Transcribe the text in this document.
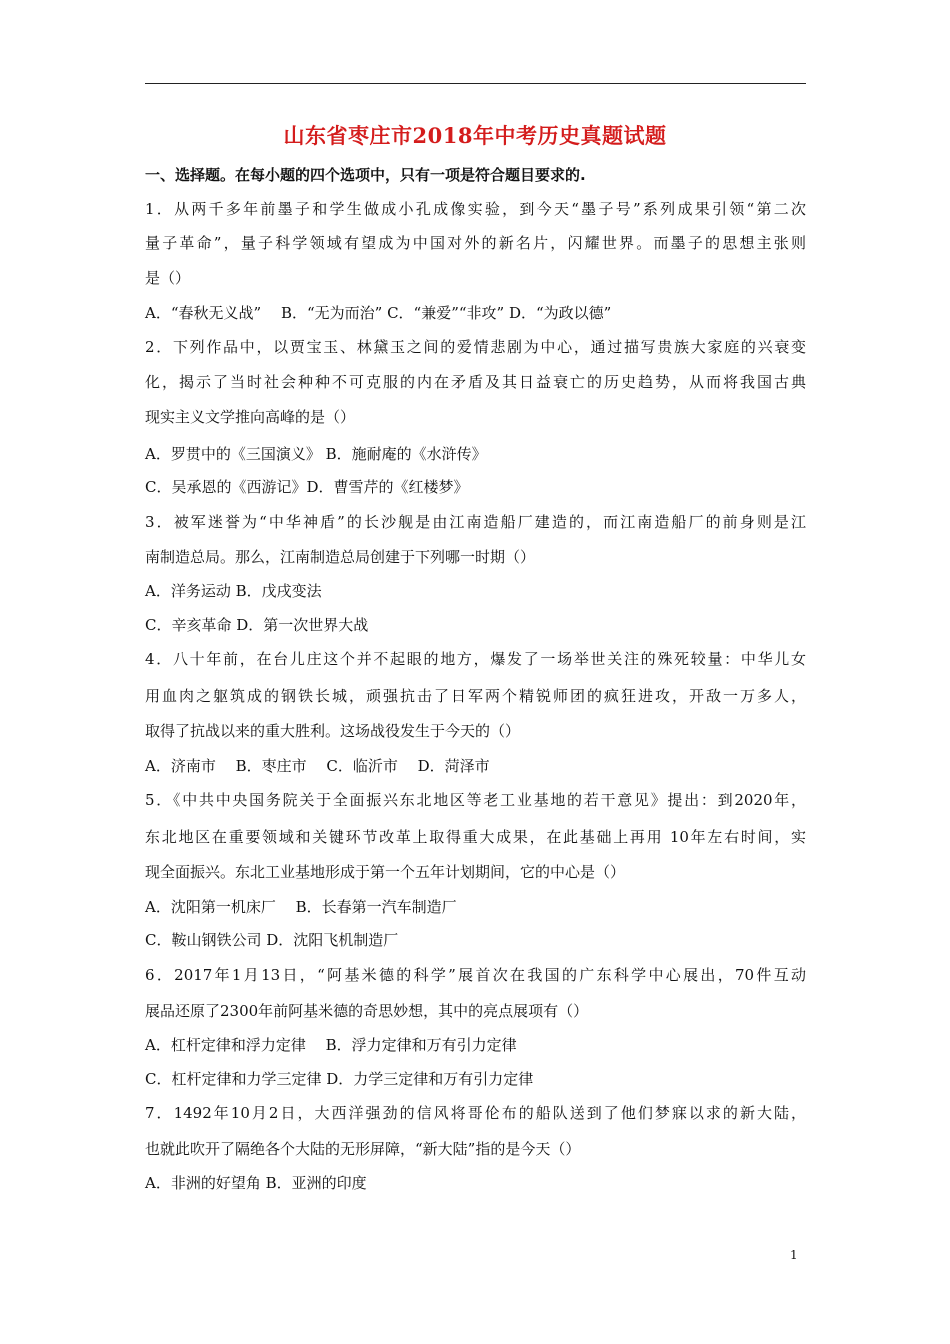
山东省枣庄市2018年中考历史真题试题
一、选择题。在每小题的四个选项中，只有一项是符合题目要求的.
1．从两千多年前墨子和学生做成小孔成像实验，到今天“墨子号”系列成果引领“第二次
量子革命”，量子科学领域有望成为中国对外的新名片，闪耀世界。而墨子的思想主张则
是（）
A．“春秋无义战”　 B．“无为而治” C．“兼爱”“非攻” D．“为政以德”
2．下列作品中，以贾宝玉、林黛玉之间的爱情悲剧为中心，通过描写贵族大家庭的兴衰变
化，揭示了当时社会种种不可克服的内在矛盾及其日益衰亡的历史趋势，从而将我国古典
现实主义文学推向高峰的是（）
A．罗贯中的《三国演义》 B．施耐庵的《水浒传》
C．吴承恩的《西游记》D．曹雪芹的《红楼梦》
3．被军迷誉为“中华神盾”的长沙舰是由江南造船厂建造的，而江南造船厂的前身则是江
南制造总局。那么，江南制造总局创建于下列哪一时期（）
A．洋务运动 B．戊戌变法
C．辛亥革命 D．第一次世界大战
4．八十年前，在台儿庄这个并不起眼的地方，爆发了一场举世关注的殊死较量：中华儿女
用血肉之躯筑成的钢铁长城，顽强抗击了日军两个精锐师团的疯狂进攻，开敌一万多人，
取得了抗战以来的重大胜利。这场战役发生于今天的（）
A．济南市　 B．枣庄市　 C．临沂市　 D．菏泽市
5．《中共中央国务院关于全面振兴东北地区等老工业基地的若干意见》提出：到2020年，
东北地区在重要领域和关键环节改革上取得重大成果，在此基础上再用 10年左右时间，实
现全面振兴。东北工业基地形成于第一个五年计划期间，它的中心是（）
A．沈阳第一机床厂　 B．长春第一汽车制造厂
C．鞍山钢铁公司 D．沈阳飞机制造厂
6．2017年1月13日，“阿基米德的科学”展首次在我国的广东科学中心展出，70件互动
展品还原了2300年前阿基米德的奇思妙想，其中的亮点展项有（）
A．杠杆定律和浮力定律　 B．浮力定律和万有引力定律
C．杠杆定律和力学三定律 D．力学三定律和万有引力定律
7．1492年10月2日，大西洋强劲的信风将哥伦布的船队送到了他们梦寐以求的新大陆，
也就此吹开了隔绝各个大陆的无形屏障，“新大陆”指的是今天（）
A．非洲的好望角 B．亚洲的印度
1
